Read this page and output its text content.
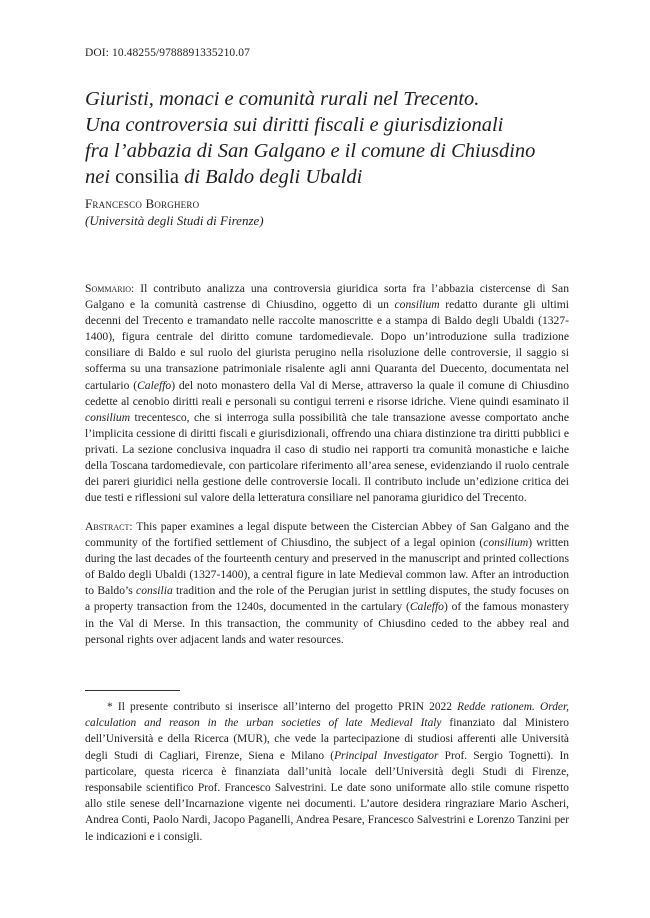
DOI: 10.48255/9788891335210.07
Giuristi, monaci e comunità rurali nel Trecento.
Una controversia sui diritti fiscali e giurisdizionali
fra l’abbazia di San Galgano e il comune di Chiusdino
nei consilia di Baldo degli Ubaldi
Francesco Borghero
(Università degli Studi di Firenze)

Sommario: Il contributo analizza una controversia giuridica sorta fra l’abbazia cistercense di San Galgano e la comunità castrense di Chiusdino, oggetto di un consilium redatto durante gli ultimi decenni del Trecento e tramandato nelle raccolte manoscritte e a stampa di Baldo degli Ubaldi (1327-1400), figura centrale del diritto comune tardomedievale. Dopo un’introduzione sulla tradizione consiliare di Baldo e sul ruolo del giurista perugino nella risoluzione delle controversie, il saggio si sofferma su una transazione patrimoniale risalente agli anni Quaranta del Duecento, documentata nel cartulario (Caleffo) del noto monastero della Val di Merse, attraverso la quale il comune di Chiusdino cedette al cenobio diritti reali e personali su contigui terreni e risorse idriche. Viene quindi esaminato il consilium trecentesco, che si interroga sulla possibilità che tale transazione avesse comportato anche l’implicita cessione di diritti fiscali e giurisdizionali, offrendo una chiara distinzione tra diritti pubblici e privati. La sezione conclusiva inquadra il caso di studio nei rapporti tra comunità monastiche e laiche della Toscana tardomedievale, con particolare riferimento all’area senese, evidenziando il ruolo centrale dei pareri giuridici nella gestione delle controversie locali. Il contributo include un’edizione critica dei due testi e riflessioni sul valore della letteratura consiliare nel panorama giuridico del Trecento.

Abstract: This paper examines a legal dispute between the Cistercian Abbey of San Galgano and the community of the fortified settlement of Chiusdino, the subject of a legal opinion (consilium) written during the last decades of the fourteenth century and preserved in the manuscript and printed collections of Baldo degli Ubaldi (1327-1400), a central figure in late Medieval common law. After an introduction to Baldo’s consilia tradition and the role of the Perugian jurist in settling disputes, the study focuses on a property transaction from the 1240s, documented in the cartulary (Caleffo) of the famous monastery in the Val di Merse. In this transaction, the community of Chiusdino ceded to the abbey real and personal rights over adjacent lands and water resources.

* Il presente contributo si inserisce all’interno del progetto PRIN 2022 Redde rationem. Order, calculation and reason in the urban societies of late Medieval Italy finanziato dal Ministero dell’Università e della Ricerca (MUR), che vede la partecipazione di studiosi afferenti alle Università degli Studi di Cagliari, Firenze, Siena e Milano (Principal Investigator Prof. Sergio Tognetti). In particolare, questa ricerca è finanziata dall’unità locale dell’Università degli Studi di Firenze, responsabile scientifico Prof. Francesco Salvestrini. Le date sono uniformate allo stile comune rispetto allo stile senese dell’Incarnazione vigente nei documenti. L’autore desidera ringraziare Mario Ascheri, Andrea Conti, Paolo Nardi, Jacopo Paganelli, Andrea Pesare, Francesco Salvestrini e Lorenzo Tanzini per le indicazioni e i consigli.
